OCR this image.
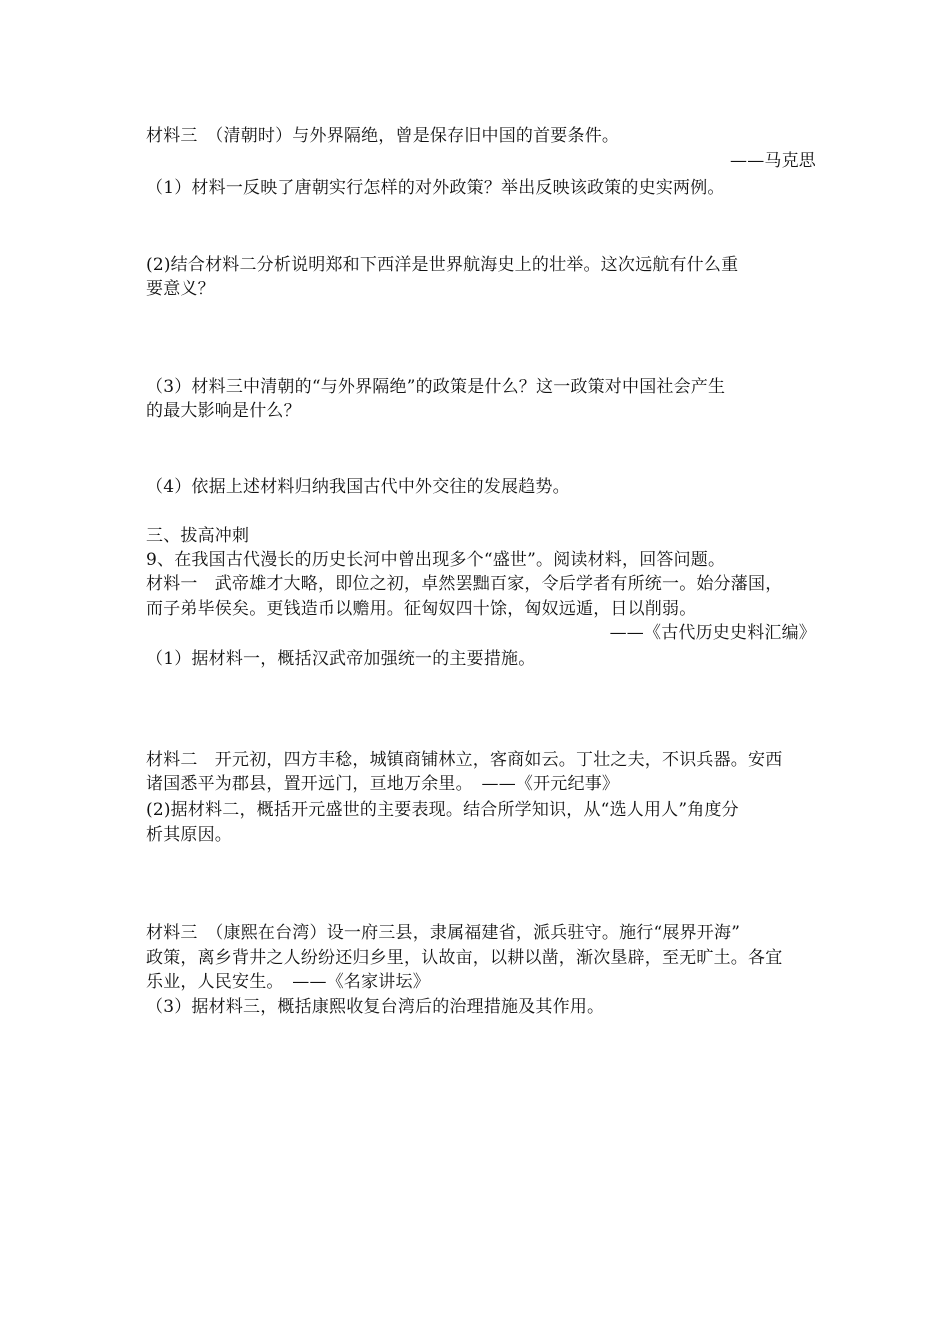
材料三　（清朝时）与外界隔绝，曾是保存旧中国的首要条件。
——马克思
（1）材料一反映了唐朝实行怎样的对外政策？举出反映该政策的史实两例。
(2)结合材料二分析说明郑和下西洋是世界航海史上的壮举。这次远航有什么重
要意义？
（3）材料三中清朝的“与外界隔绝”的政策是什么？这一政策对中国社会产生
的最大影响是什么？
（4）依据上述材料归纳我国古代中外交往的发展趋势。
三、拔高冲刺
9、在我国古代漫长的历史长河中曾出现多个“盛世”。阅读材料，回答问题。
材料一　武帝雄才大略，即位之初，卓然罢黜百家，令后学者有所统一。始分藩国，
而子弟毕侯矣。更钱造币以赡用。征匈奴四十馀，匈奴远遁，日以削弱。
——《古代历史史料汇编》
（1）据材料一，概括汉武帝加强统一的主要措施。
材料二　开元初，四方丰稔，城镇商铺林立，客商如云。丁壮之夫，不识兵器。安西
诸国悉平为郡县，置开远门，亘地万余里。　——《开元纪事》
(2)据材料二，概括开元盛世的主要表现。结合所学知识，从“选人用人”角度分
析其原因。
材料三　（康熙在台湾）设一府三县，隶属福建省，派兵驻守。施行“展界开海”
政策，离乡背井之人纷纷还归乡里，认故亩，以耕以凿，渐次垦辟，至无旷土。各宜
乐业，人民安生。　——《名家讲坛》
（3）据材料三，概括康熙收复台湾后的治理措施及其作用。
